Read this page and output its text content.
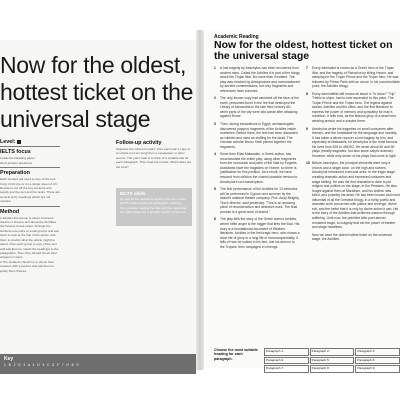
Now for the oldest, hottest ticket on the universal stage
Level:
IELTS focus
Academic Reading paper
short-answer questions
Preparation
Each student will need a copy of the text. Copy it full size or on a single sheet of A3. Decide to cut off the key sections and supply just the text and the tasks. There are several entry headings which are not needed.
Method
1 Explain this lesson is about a famous theatre in Greece and about the Archilles the famous Greek writer. Arrange the students into pairs or small groups and ask them to look at the title of the article. Ask them to predict what the article might be about. Give each group a copy of the text and ask them to match the headings to the paragraphs. Then they should check their answers in pairs.
2 The students should try to check their answers with a partner and ask them to justify their choices.
Follow-up activity
Organise the class into pairs. Give each pair a copy of an article (not too long) from a newspaper or other source. The pairs' task is to think of a suitable title for each paragraph. Then feed the results. Which titles are the best?
IELTS skills
As well as the questions linked to the text, some IELTS reading tasks are paragraph matching. Give practice reading the title and then selecting the right answer for a specific section of the text.
Key
1 B 2 E 3 A 4 D 5 C 6 F 7 H 8 G
Academic Reading
Now for the oldest, hottest ticket on the universal stage
1	A lost tragedy by Aeschylus has been recovered from ancient ruins. Called the Achilles it is part of the trilogy about the Trojan War. No more than it existed. The play was mocked by Aristophanes and overshadowed by ancient commentators, but only fragments and references have survived.
2	The only known copy had vanished off the face of the earth, presumed burnt in the fire that destroyed the Library of Alexandria in the late third century AD, when parts of the city were laid waste after attacking against Rome.
3	Then, during excavations in Egypt, archaeologists discovered papyrus fragments of the Achilles inside mummies. Before them, the text had been discarded as rubbish and used as stuffing for the dead. The German scholar Bruno Snell pieced together the fragments.
4	Since then Elias Mataxakis, a Greek author, has reconstructed the entire play, using other fragments from the surrounds and parts of the Iliad by Evgenis. Assistants have the tragedies on Homer, so there is justification for this position. As a result, we have rescued from oblivion the closest possible version to Aeschylus's lost masterpiece.
5	The first performance of the Achilles for 13 centuries will be performed in Cyprus next summer by the Island's national theatre company. Prof. Andy Beighty, Tino's director, said yesterday: "This is an amazing piece of reconstruction and detective work. The final product is a great work of drama."
6	The play tells the story of the Greek warrior Achilles, where bitter anger is the trigger that fires the Iliad. His story is a foundational document of Western literature. Achilles in the first tragic hero, who shows a short life of glory to a long life of inconsequentiality. It tells of how he sulked in his tent, lost his armour to the Trojans, then rampaged in revenge.
7	Every admiralist is known as a Greek hero of the Trojan War, and the tragedy of Patroclus by killing Hector, and weeping for the Trojan Prince and the Trojan hero. He was followed by Prince Paris with an arrow. In his uncontrollable point, the Achilles trilogy.
8	Every admirabilist still knows all about it. To show? "Trip" "Helllo to ships, had to ever ascended to this point. The Trojan Prince and the Trojan hero. The legend against stories. Achilles and the cities, and the first literature to express the power of memory and sympathy for man's condition. It tells how, as the tedious glory of a dead hero wearing armour and a sceptre there.
9	Aeschylus wrote his tragedies on small consumes after themes, and the formidable he the language and morality. It has taken a whole recover a lost tragedy by him, and especially at Mataxakis, for Aeschylus is the most famous. He lived from 525 to 456 BC. He wrote about 80 and 90 plays (mostly tragedies, but also some satyric dramas). However, while only seven of his plays had come to light.
10 Before Aeschylus, the principal elements were only a chorus and a single actor, on the high and scenes. Aeschylus introduced a second actor, to the tragic stage, creating dramatic action and increased costumes and stage setting. He was the first dramatist to dare to put religion and politics on the stage, in the Persians. He also fought against them at Marathon, and his brother was killed, and possibly his dead. He has been known and most influential of all the Oresteia trilogy, in a richly poetic and dramatic work concerned with justice and revenge, divine evil, and the belief that it is only by divine action it can. His is the story of the Achilles that achieves wisdom through suffering. Until now, the primitive Attic poet almost remained tragic, so tragedy that set the power of theatre and stage headlines.
Now we have the oldest hottest ticket on the universal stage, the Achilles.
Choose the most suitable heading for each paragraph.
Paragraph 1:	Paragraph 2:	Paragraph 3:
Paragraph 4:	Paragraph 5:	Paragraph 6:
Paragraph 7:	Paragraph 8:	Paragraph 9:
